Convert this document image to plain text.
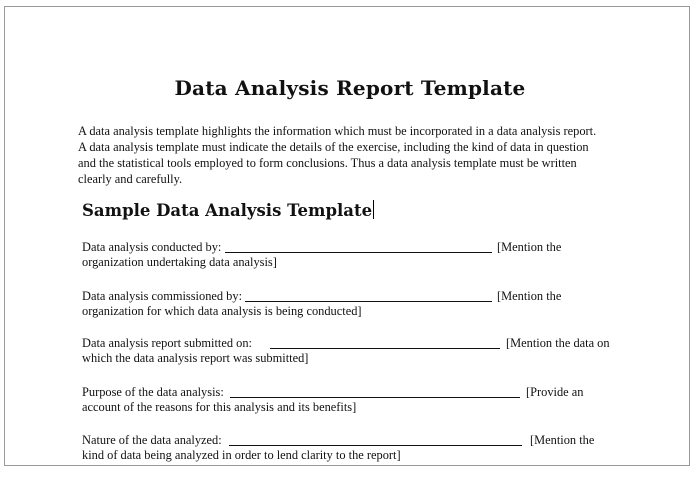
Data Analysis Report Template
A data analysis template highlights the information which must be incorporated in a data analysis report.
A data analysis template must indicate the details of the exercise, including the kind of data in question
and the statistical tools employed to form conclusions. Thus a data analysis template must be written
clearly and carefully.
Sample Data Analysis Template
Data analysis conducted by:	[Mention the
organization undertaking data analysis]
Data analysis commissioned by:	[Mention the
organization for which data analysis is being conducted]
Data analysis report submitted on:	[Mention the data on
which the data analysis report was submitted]
Purpose of the data analysis:	[Provide an
account of the reasons for this analysis and its benefits]
Nature of the data analyzed:	[Mention the
kind of data being analyzed in order to lend clarity to the report]
